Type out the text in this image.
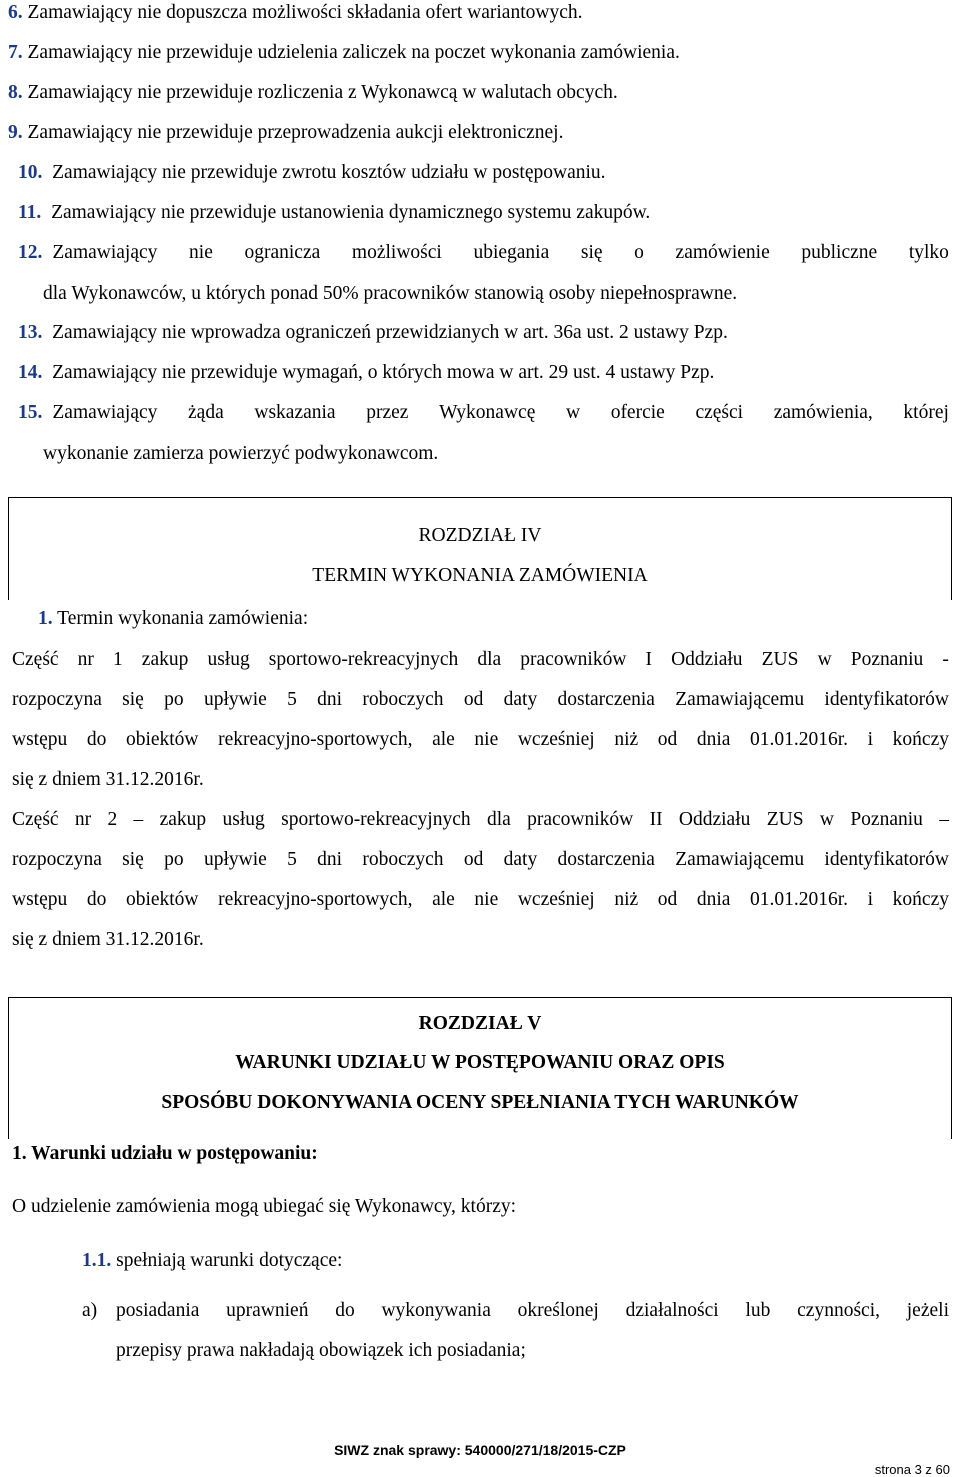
6. Zamawiający nie dopuszcza możliwości składania ofert wariantowych.
7. Zamawiający nie przewiduje udzielenia zaliczek na poczet wykonania zamówienia.
8. Zamawiający nie przewiduje rozliczenia z Wykonawcą w walutach obcych.
9. Zamawiający nie przewiduje przeprowadzenia aukcji elektronicznej.
10. Zamawiający nie przewiduje zwrotu kosztów udziału w postępowaniu.
11. Zamawiający nie przewiduje ustanowienia dynamicznego systemu zakupów.
12. Zamawiający nie ogranicza możliwości ubiegania się o zamówienie publiczne tylko
dla Wykonawców, u których ponad 50% pracowników stanowią osoby niepełnosprawne.
13. Zamawiający nie wprowadza ograniczeń przewidzianych w art. 36a ust. 2 ustawy Pzp.
14. Zamawiający nie przewiduje wymagań, o których mowa w art. 29 ust. 4 ustawy Pzp.
15. Zamawiający żąda wskazania przez Wykonawcę w ofercie części zamówienia, której
wykonanie zamierza powierzyć podwykonawcom.
ROZDZIAŁ IV
TERMIN WYKONANIA ZAMÓWIENIA
1. Termin wykonania zamówienia:
Część nr 1 zakup usług sportowo-rekreacyjnych dla pracowników I Oddziału ZUS w Poznaniu -
rozpoczyna się po upływie 5 dni roboczych od daty dostarczenia Zamawiającemu identyfikatorów
wstępu do obiektów rekreacyjno-sportowych, ale nie wcześniej niż od dnia 01.01.2016r. i kończy
się z dniem 31.12.2016r.
Część nr 2 – zakup usług sportowo-rekreacyjnych dla pracowników II Oddziału ZUS w Poznaniu –
rozpoczyna się po upływie 5 dni roboczych od daty dostarczenia Zamawiającemu identyfikatorów
wstępu do obiektów rekreacyjno-sportowych, ale nie wcześniej niż od dnia 01.01.2016r. i kończy
się z dniem 31.12.2016r.
ROZDZIAŁ V
WARUNKI UDZIAŁU W POSTĘPOWANIU ORAZ OPIS
SPOSÓBU DOKONYWANIA OCENY SPEŁNIANIA TYCH WARUNKÓW
1. Warunki udziału w postępowaniu:
O udzielenie zamówienia mogą ubiegać się Wykonawcy, którzy:
1.1. spełniają warunki dotyczące:
a) posiadania uprawnień do wykonywania określonej działalności lub czynności, jeżeli
przepisy prawa nakładają obowiązek ich posiadania;
SIWZ znak sprawy: 540000/271/18/2015-CZP
strona 3 z 60
